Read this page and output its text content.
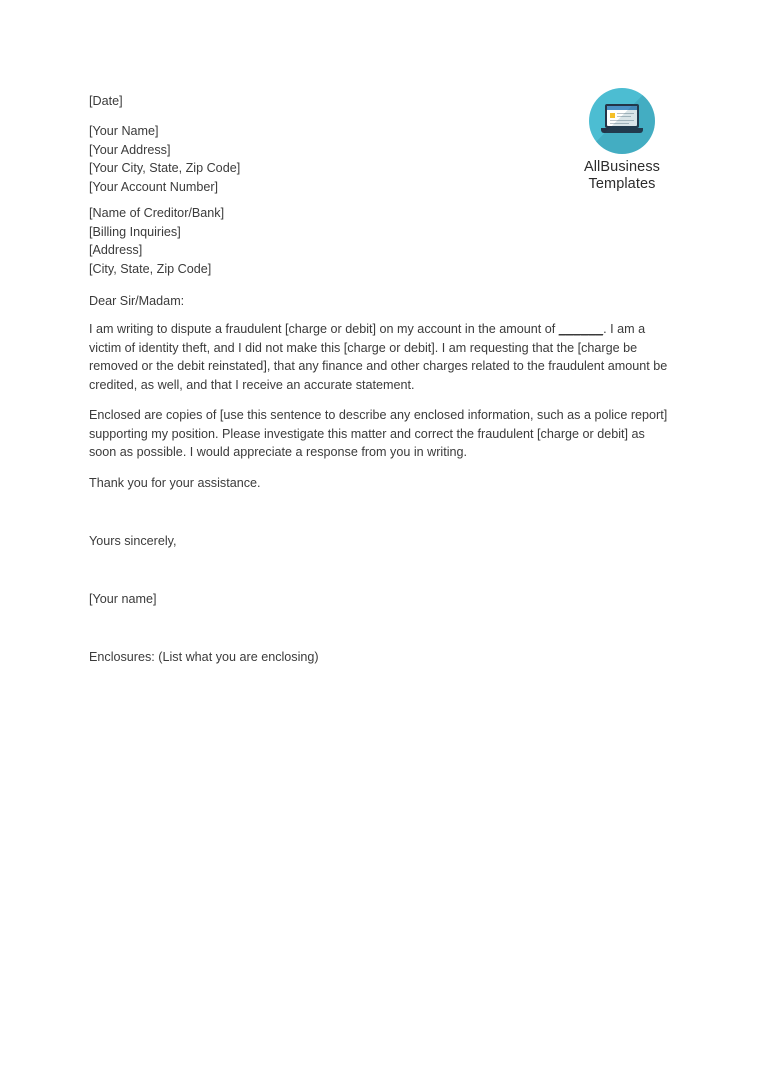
AllBusiness
Templates
[Date]
[Your Name]
[Your Address]
[Your City, State, Zip Code]
[Your Account Number]
[Name of Creditor/Bank]
[Billing Inquiries]
[Address]
[City, State, Zip Code]
Dear Sir/Madam:
I am writing to dispute a fraudulent [charge or debit] on my account in the amount of ______. I am a victim of identity theft, and I did not make this [charge or debit]. I am requesting that the [charge be removed or the debit reinstated], that any finance and other charges related to the fraudulent amount be credited, as well, and that I receive an accurate statement.
Enclosed are copies of [use this sentence to describe any enclosed information, such as a police report] supporting my position. Please investigate this matter and correct the fraudulent [charge or debit] as soon as possible. I would appreciate a response from you in writing.
Thank you for your assistance.
Yours sincerely,
[Your name]
Enclosures: (List what you are enclosing)
